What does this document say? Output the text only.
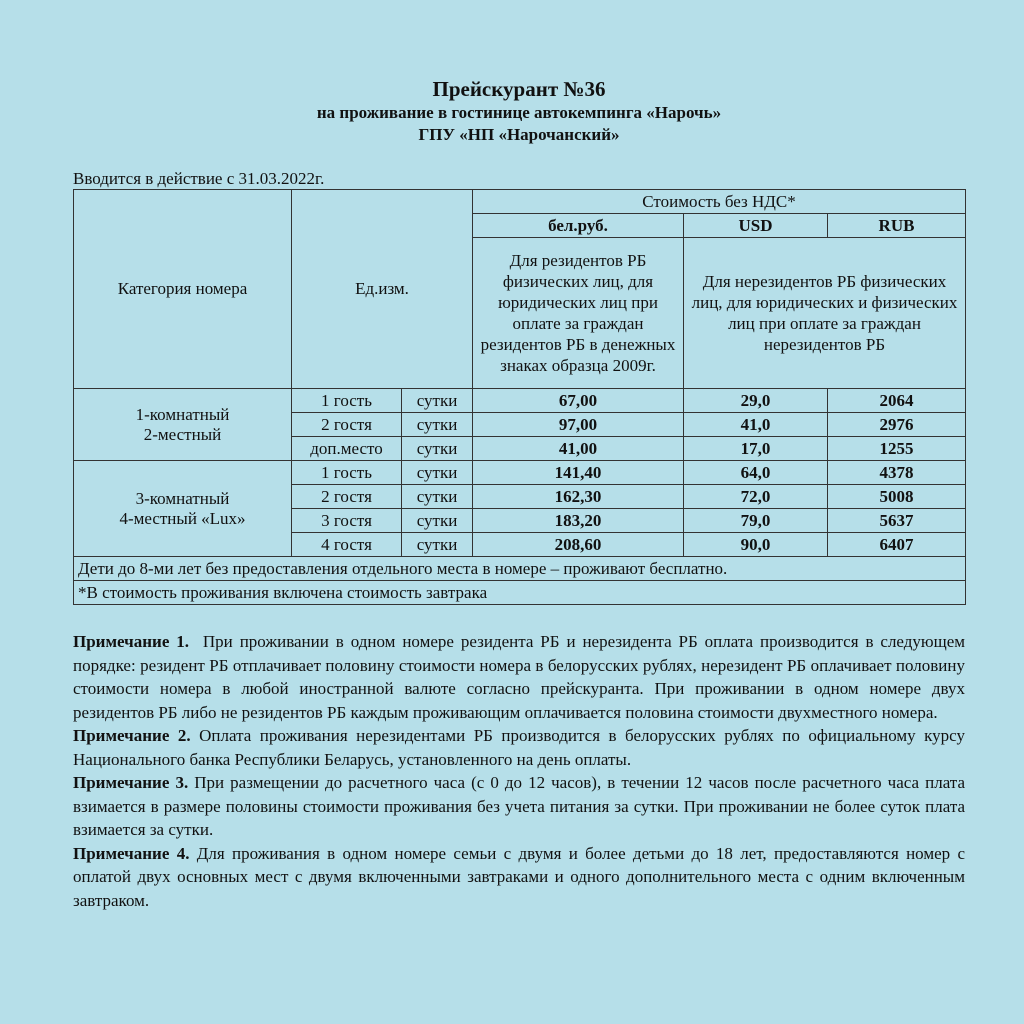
Прейскурант №36
на проживание в гостинице автокемпинга «Нарочь»
ГПУ «НП «Нарочанский»
Вводится в действие с 31.03.2022г.
Категория номера	Ед.изм.		Стоимость без НДС*		
			бел.руб.	USD	RUB
			Для резидентов РБ физических лиц, для юридических лиц при оплате за граждан резидентов РБ в денежных знаках образца 2009г.	Для нерезидентов РБ физических лиц, для юридических и физических лиц при оплате за граждан нерезидентов РБ	

1-комнатный
2-местный	1 гость	сутки	67,00	29,0	2064
	2 гостя	сутки	97,00	41,0	2976
	доп.место	сутки	41,00	17,0	1255

3-комнатный
4-местный «Lux»	1 гость	сутки	141,40	64,0	4378
	2 гостя	сутки	162,30	72,0	5008
	3 гостя	сутки	183,20	79,0	5637
	4 гостя	сутки	208,60	90,0	6407
Дети до 8-ми лет без предоставления отдельного места в номере – проживают бесплатно.					
*В стоимость проживания включена стоимость завтрака					

Примечание 1. При проживании в одном номере резидента РБ и нерезидента РБ оплата производится в следующем порядке: резидент РБ отплачивает половину стоимости номера в белорусских рублях, нерезидент РБ оплачивает половину стоимости номера в любой иностранной валюте согласно прейскуранта. При проживании в одном номере двух резидентов РБ либо не резидентов РБ каждым проживающим оплачивается половина стоимости двухместного номера.

Примечание 2. Оплата проживания нерезидентами РБ производится в белорусских рублях по официальному курсу Национального банка Республики Беларусь, установленного на день оплаты.

Примечание 3. При размещении до расчетного часа (с 0 до 12 часов), в течении 12 часов после расчетного часа плата взимается в размере половины стоимости проживания без учета питания за сутки. При проживании не более суток плата взимается за сутки.

Примечание 4. Для проживания в одном номере семьи с двумя и более детьми до 18 лет, предоставляются номер с оплатой двух основных мест с двумя включенными завтраками и одного дополнительного места с одним включенным завтраком.
